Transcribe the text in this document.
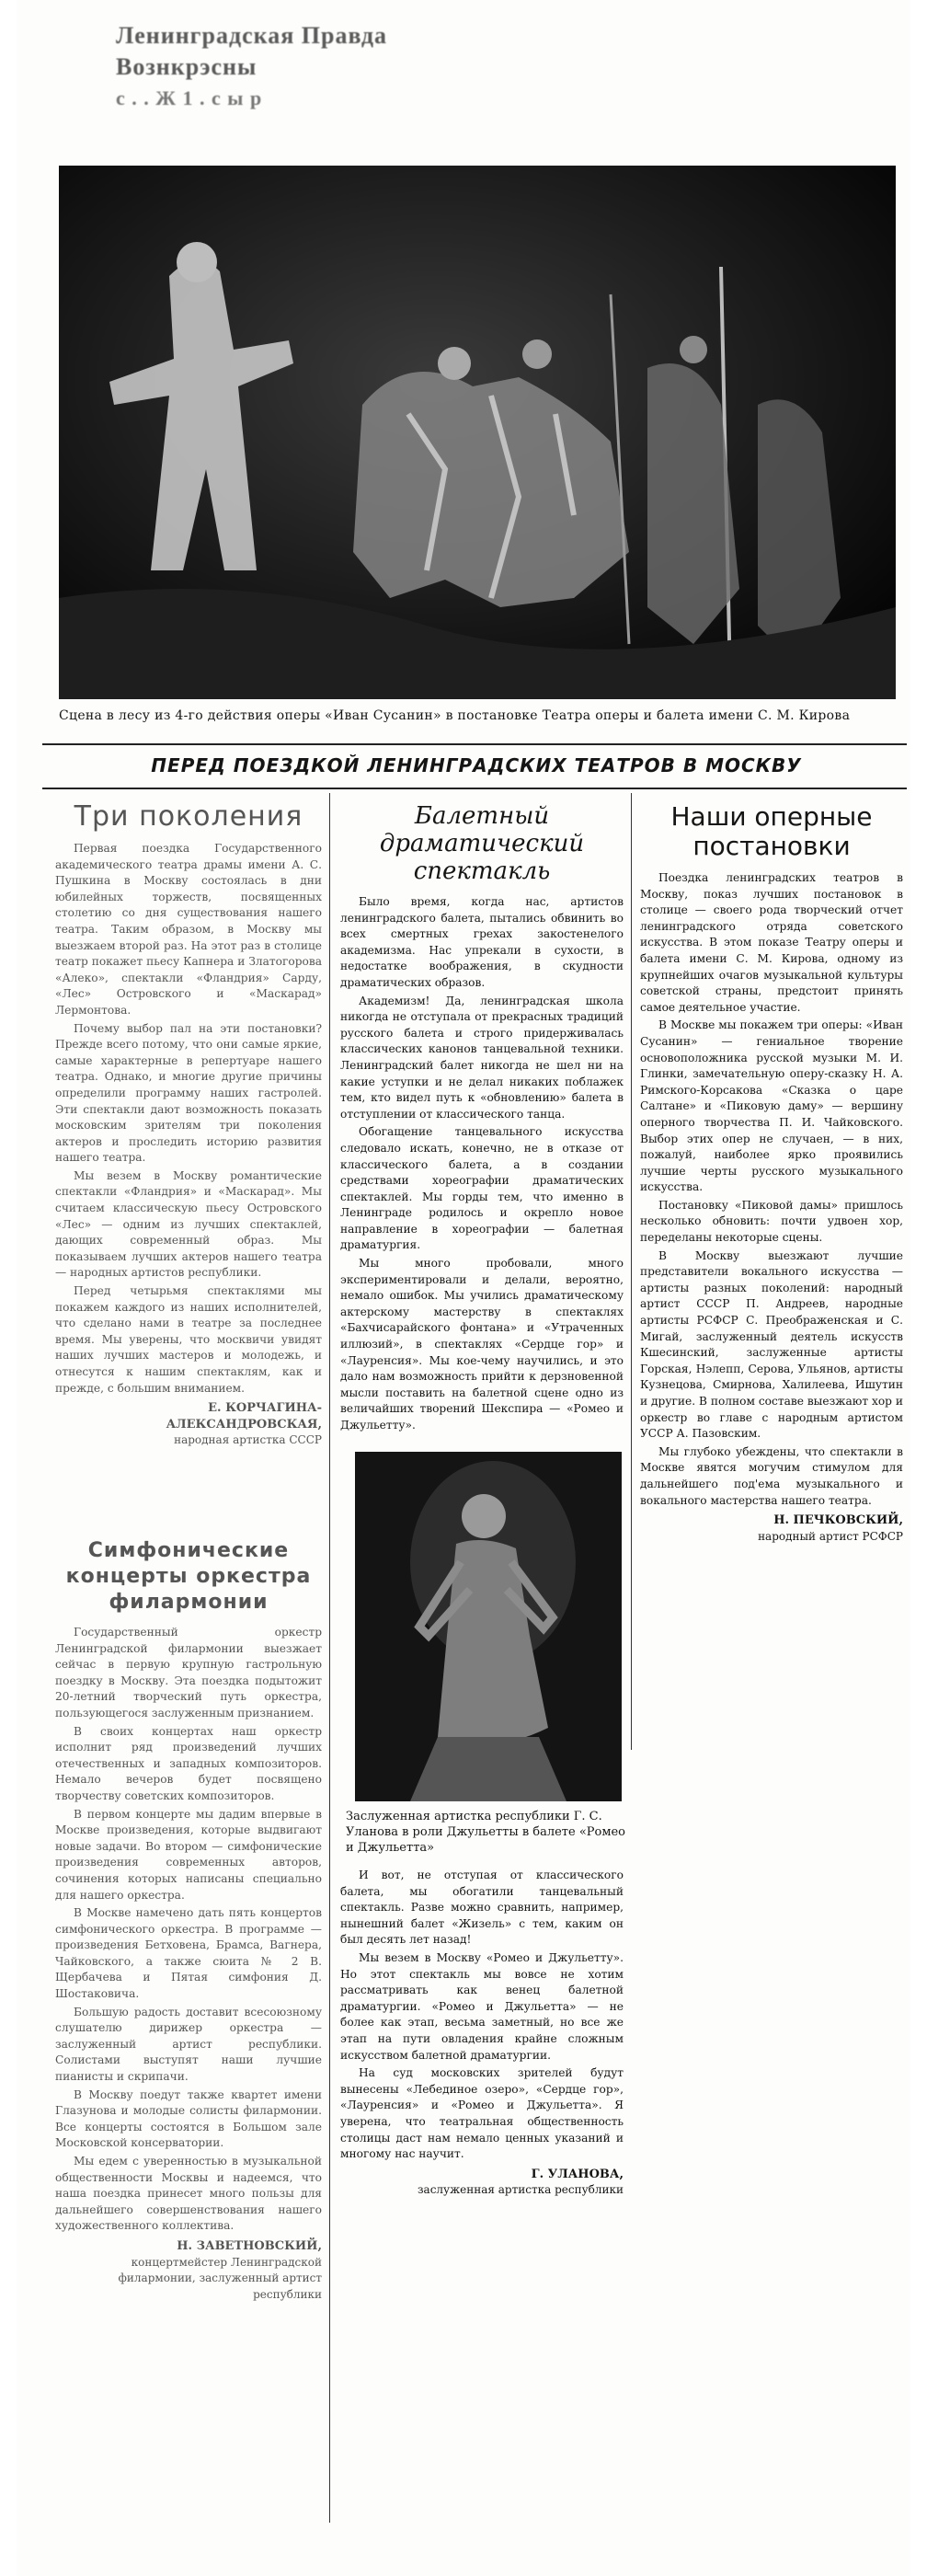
Ленинградская Правда Вознкрэсны
с . . Ж 1 . с ы р
Сцена в лесу из 4-го действия оперы «Иван Сусанин» в постановке Театра оперы и балета имени С. М. Кирова
ПЕРЕД ПОЕЗДКОЙ ЛЕНИНГРАДСКИХ ТЕАТРОВ В МОСКВУ
Три поколения

Первая поездка Государственного академического театра драмы имени А. С. Пушкина в Москву состоялась в дни юбилейных торжеств, посвященных столетию со дня существования нашего театра. Таким образом, в Москву мы выезжаем второй раз. На этот раз в столице театр покажет пьесу Капнера и Златогорова «Алеко», спектакли «Фландрия» Сарду, «Лес» Островского и «Маскарад» Лермонтова.

Почему выбор пал на эти постановки? Прежде всего потому, что они самые яркие, самые характерные в репертуаре нашего театра. Однако, и многие другие причины определили программу наших гастролей. Эти спектакли дают возможность показать московским зрителям три поколения актеров и проследить историю развития нашего театра.

Мы везем в Москву романтические спектакли «Фландрия» и «Маскарад». Мы считаем классическую пьесу Островского «Лес» — одним из лучших спектаклей, дающих современный образ. Мы показываем лучших актеров нашего театра — народных артистов республики.

Перед четырьмя спектаклями мы покажем каждого из наших исполнителей, что сделано нами в театре за последнее время. Мы уверены, что москвичи увидят наших лучших мастеров и молодежь, и отнесутся к нашим спектаклям, как и прежде, с большим вниманием.

Е. КОРЧАГИНА-АЛЕКСАНДРОВСКАЯ,
народная артистка СССР
Симфонические концерты оркестра филармонии

Государственный оркестр Ленинградской филармонии выезжает сейчас в первую крупную гастрольную поездку в Москву. Эта поездка подытожит 20-летний творческий путь оркестра, пользующегося заслуженным признанием.

В своих концертах наш оркестр исполнит ряд произведений лучших отечественных и западных композиторов. Немало вечеров будет посвящено творчеству советских композиторов.

В первом концерте мы дадим впервые в Москве произведения, которые выдвигают новые задачи. Во втором — симфонические произведения современных авторов, сочинения которых написаны специально для нашего оркестра.

В Москве намечено дать пять концертов симфонического оркестра. В программе — произведения Бетховена, Брамса, Вагнера, Чайковского, а также сюита № 2 В. Щербачева и Пятая симфония Д. Шостаковича.

Большую радость доставит всесоюзному слушателю дирижер оркестра — заслуженный артист республики. Солистами выступят наши лучшие пианисты и скрипачи.

В Москву поедут также квартет имени Глазунова и молодые солисты филармонии. Все концерты состоятся в Большом зале Московской консерватории.

Мы едем с уверенностью в музыкальной общественности Москвы и надеемся, что наша поездка принесет много пользы для дальнейшего совершенствования нашего художественного коллектива.

Н. ЗАВЕТНОВСКИЙ,
концертмейстер Ленинградской филармонии, заслуженный артист республики
Балетный драматический спектакль

Было время, когда нас, артистов ленинградского балета, пытались обвинить во всех смертных грехах закостенелого академизма. Нас упрекали в сухости, в недостатке воображения, в скудности драматических образов.

Академизм! Да, ленинградская школа никогда не отступала от прекрасных традиций русского балета и строго придерживалась классических канонов танцевальной техники. Ленинградский балет никогда не шел ни на какие уступки и не делал никаких поблажек тем, кто видел путь к «обновлению» балета в отступлении от классического танца.

Обогащение танцевального искусства следовало искать, конечно, не в отказе от классического балета, а в создании средствами хореографии драматических спектаклей. Мы горды тем, что именно в Ленинграде родилось и окрепло новое направление в хореографии — балетная драматургия.

Мы много пробовали, много экспериментировали и делали, вероятно, немало ошибок. Мы учились драматическому актерскому мастерству в спектаклях «Бахчисарайского фонтана» и «Утраченных иллюзий», в спектаклях «Сердце гор» и «Лауренсия». Мы кое-чему научились, и это дало нам возможность прийти к дерзновенной мысли поставить на балетной сцене одно из величайших творений Шекспира — «Ромео и Джульетту».

Заслуженная артистка республики Г. С. Уланова в роли Джульетты в балете «Ромео и Джульетта»

И вот, не отступая от классического балета, мы обогатили танцевальный спектакль. Разве можно сравнить, например, нынешний балет «Жизель» с тем, каким он был десять лет назад!

Мы везем в Москву «Ромео и Джульетту». Но этот спектакль мы вовсе не хотим рассматривать как венец балетной драматургии. «Ромео и Джульетта» — не более как этап, весьма заметный, но все же этап на пути овладения крайне сложным искусством балетной драматургии.

На суд московских зрителей будут вынесены «Лебединое озеро», «Сердце гор», «Лауренсия» и «Ромео и Джульетта». Я уверена, что театральная общественность столицы даст нам немало ценных указаний и многому нас научит.

Г. УЛАНОВА,
заслуженная артистка республики
Наши оперные постановки

Поездка ленинградских театров в Москву, показ лучших постановок в столице — своего рода творческий отчет ленинградского отряда советского искусства. В этом показе Театру оперы и балета имени С. М. Кирова, одному из крупнейших очагов музыкальной культуры советской страны, предстоит принять самое деятельное участие.

В Москве мы покажем три оперы: «Иван Сусанин» — гениальное творение основоположника русской музыки М. И. Глинки, замечательную оперу-сказку Н. А. Римского-Корсакова «Сказка о царе Салтане» и «Пиковую даму» — вершину оперного творчества П. И. Чайковского. Выбор этих опер не случаен, — в них, пожалуй, наиболее ярко проявились лучшие черты русского музыкального искусства.

Постановку «Пиковой дамы» пришлось несколько обновить: почти удвоен хор, переделаны некоторые сцены.

В Москву выезжают лучшие представители вокального искусства — артисты разных поколений: народный артист СССР П. Андреев, народные артисты РСФСР С. Преображенская и С. Мигай, заслуженный деятель искусств Кшесинский, заслуженные артисты Горская, Нэлепп, Серова, Ульянов, артисты Кузнецова, Смирнова, Халилеева, Ишутин и другие. В полном составе выезжают хор и оркестр во главе с народным артистом УССР А. Пазовским.

Мы глубоко убеждены, что спектакли в Москве явятся могучим стимулом для дальнейшего под'ема музыкального и вокального мастерства нашего театра.

Н. ПЕЧКОВСКИЙ,
народный артист РСФСР
